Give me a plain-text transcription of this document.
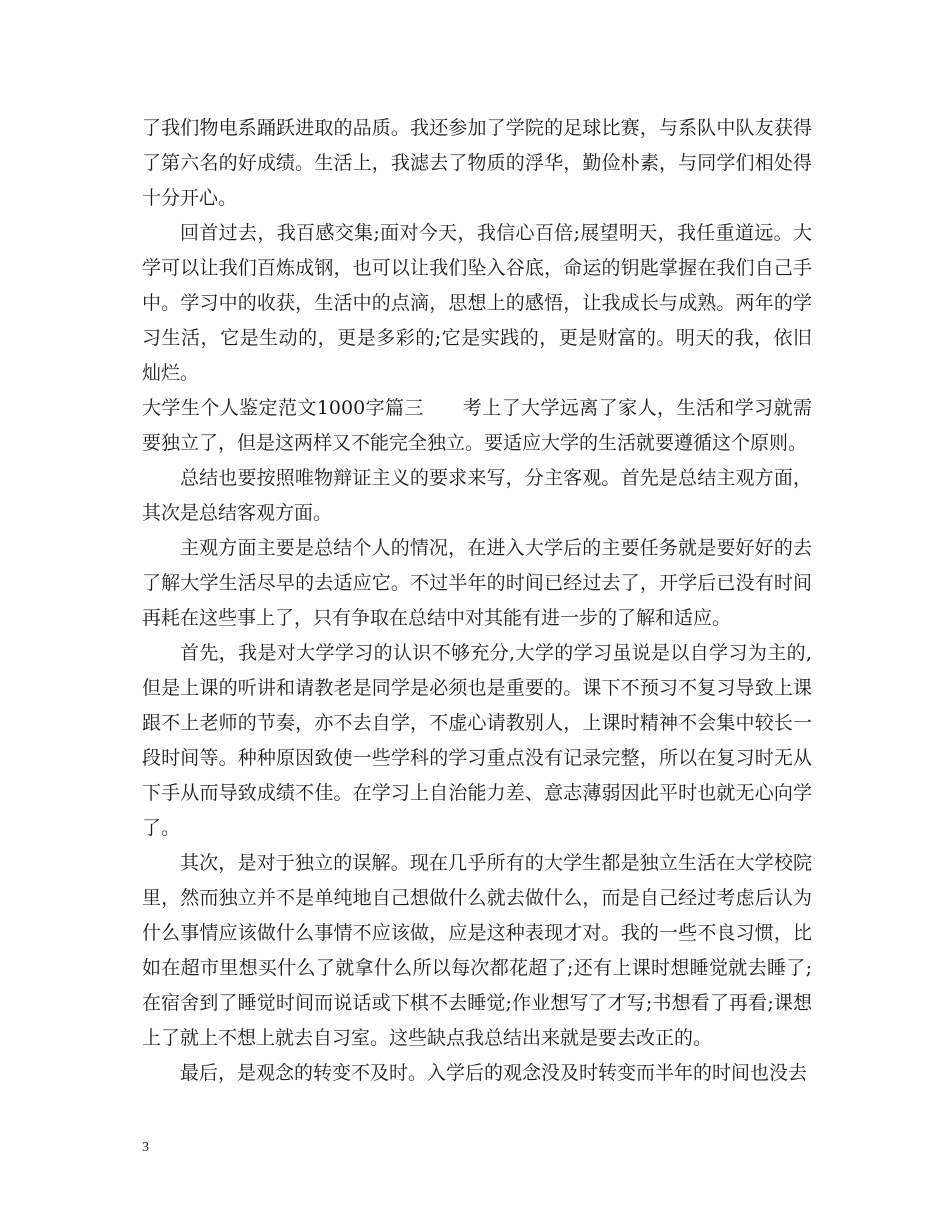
了我们物电系踊跃进取的品质。我还参加了学院的足球比赛，与系队中队友获得了第六名的好成绩。生活上，我滤去了物质的浮华，勤俭朴素，与同学们相处得十分开心。

回首过去，我百感交集;面对今天，我信心百倍;展望明天，我任重道远。大学可以让我们百炼成钢，也可以让我们坠入谷底，命运的钥匙掌握在我们自己手中。学习中的收获，生活中的点滴，思想上的感悟，让我成长与成熟。两年的学习生活，它是生动的，更是多彩的;它是实践的，更是财富的。明天的我，依旧灿烂。

大学生个人鉴定范文1000字篇三　　考上了大学远离了家人，生活和学习就需要独立了，但是这两样又不能完全独立。要适应大学的生活就要遵循这个原则。

总结也要按照唯物辩证主义的要求来写，分主客观。首先是总结主观方面，其次是总结客观方面。

主观方面主要是总结个人的情况，在进入大学后的主要任务就是要好好的去了解大学生活尽早的去适应它。不过半年的时间已经过去了，开学后已没有时间再耗在这些事上了，只有争取在总结中对其能有进一步的了解和适应。

首先，我是对大学学习的认识不够充分,大学的学习虽说是以自学习为主的,但是上课的听讲和请教老是同学是必须也是重要的。课下不预习不复习导致上课跟不上老师的节奏，亦不去自学，不虚心请教别人，上课时精神不会集中较长一段时间等。种种原因致使一些学科的学习重点没有记录完整，所以在复习时无从下手从而导致成绩不佳。在学习上自治能力差、意志薄弱因此平时也就无心向学了。

其次，是对于独立的误解。现在几乎所有的大学生都是独立生活在大学校院里，然而独立并不是单纯地自己想做什么就去做什么，而是自己经过考虑后认为什么事情应该做什么事情不应该做，应是这种表现才对。我的一些不良习惯，比如在超市里想买什么了就拿什么所以每次都花超了;还有上课时想睡觉就去睡了;在宿舍到了睡觉时间而说话或下棋不去睡觉;作业想写了才写;书想看了再看;课想上了就上不想上就去自习室。这些缺点我总结出来就是要去改正的。

最后，是观念的转变不及时。入学后的观念没及时转变而半年的时间也没去

3
